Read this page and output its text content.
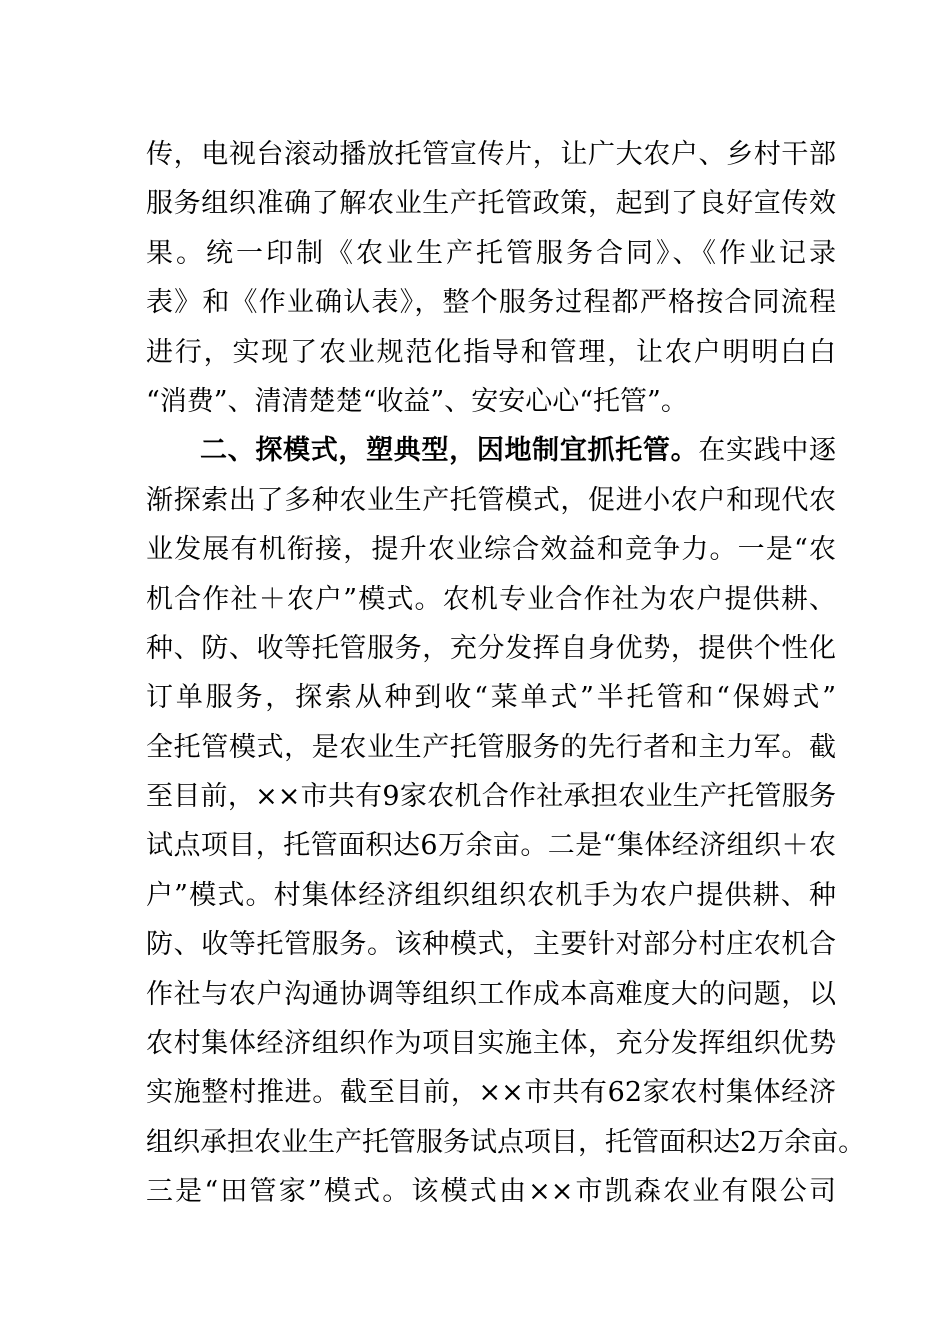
传，电视台滚动播放托管宣传片，让广大农户、乡村干部
服务组织准确了解农业生产托管政策，起到了良好宣传效
果。统一印制《农业生产托管服务合同》、《作业记录
表》和《作业确认表》，整个服务过程都严格按合同流程
进行，实现了农业规范化指导和管理，让农户明明白白
“消费”、清清楚楚“收益”、安安心心“托管”。
二、探模式，塑典型，因地制宜抓托管。在实践中逐
渐探索出了多种农业生产托管模式，促进小农户和现代农
业发展有机衔接，提升农业综合效益和竞争力。一是“农
机合作社＋农户”模式。农机专业合作社为农户提供耕、
种、防、收等托管服务，充分发挥自身优势，提供个性化
订单服务，探索从种到收“菜单式”半托管和“保姆式”
全托管模式，是农业生产托管服务的先行者和主力军。截
至目前，××市共有9家农机合作社承担农业生产托管服务
试点项目，托管面积达6万余亩。二是“集体经济组织＋农
户”模式。村集体经济组织组织农机手为农户提供耕、种
防、收等托管服务。该种模式，主要针对部分村庄农机合
作社与农户沟通协调等组织工作成本高难度大的问题，以
农村集体经济组织作为项目实施主体，充分发挥组织优势
实施整村推进。截至目前，××市共有62家农村集体经济
组织承担农业生产托管服务试点项目，托管面积达2万余亩。
三是“田管家”模式。该模式由××市凯森农业有限公司
